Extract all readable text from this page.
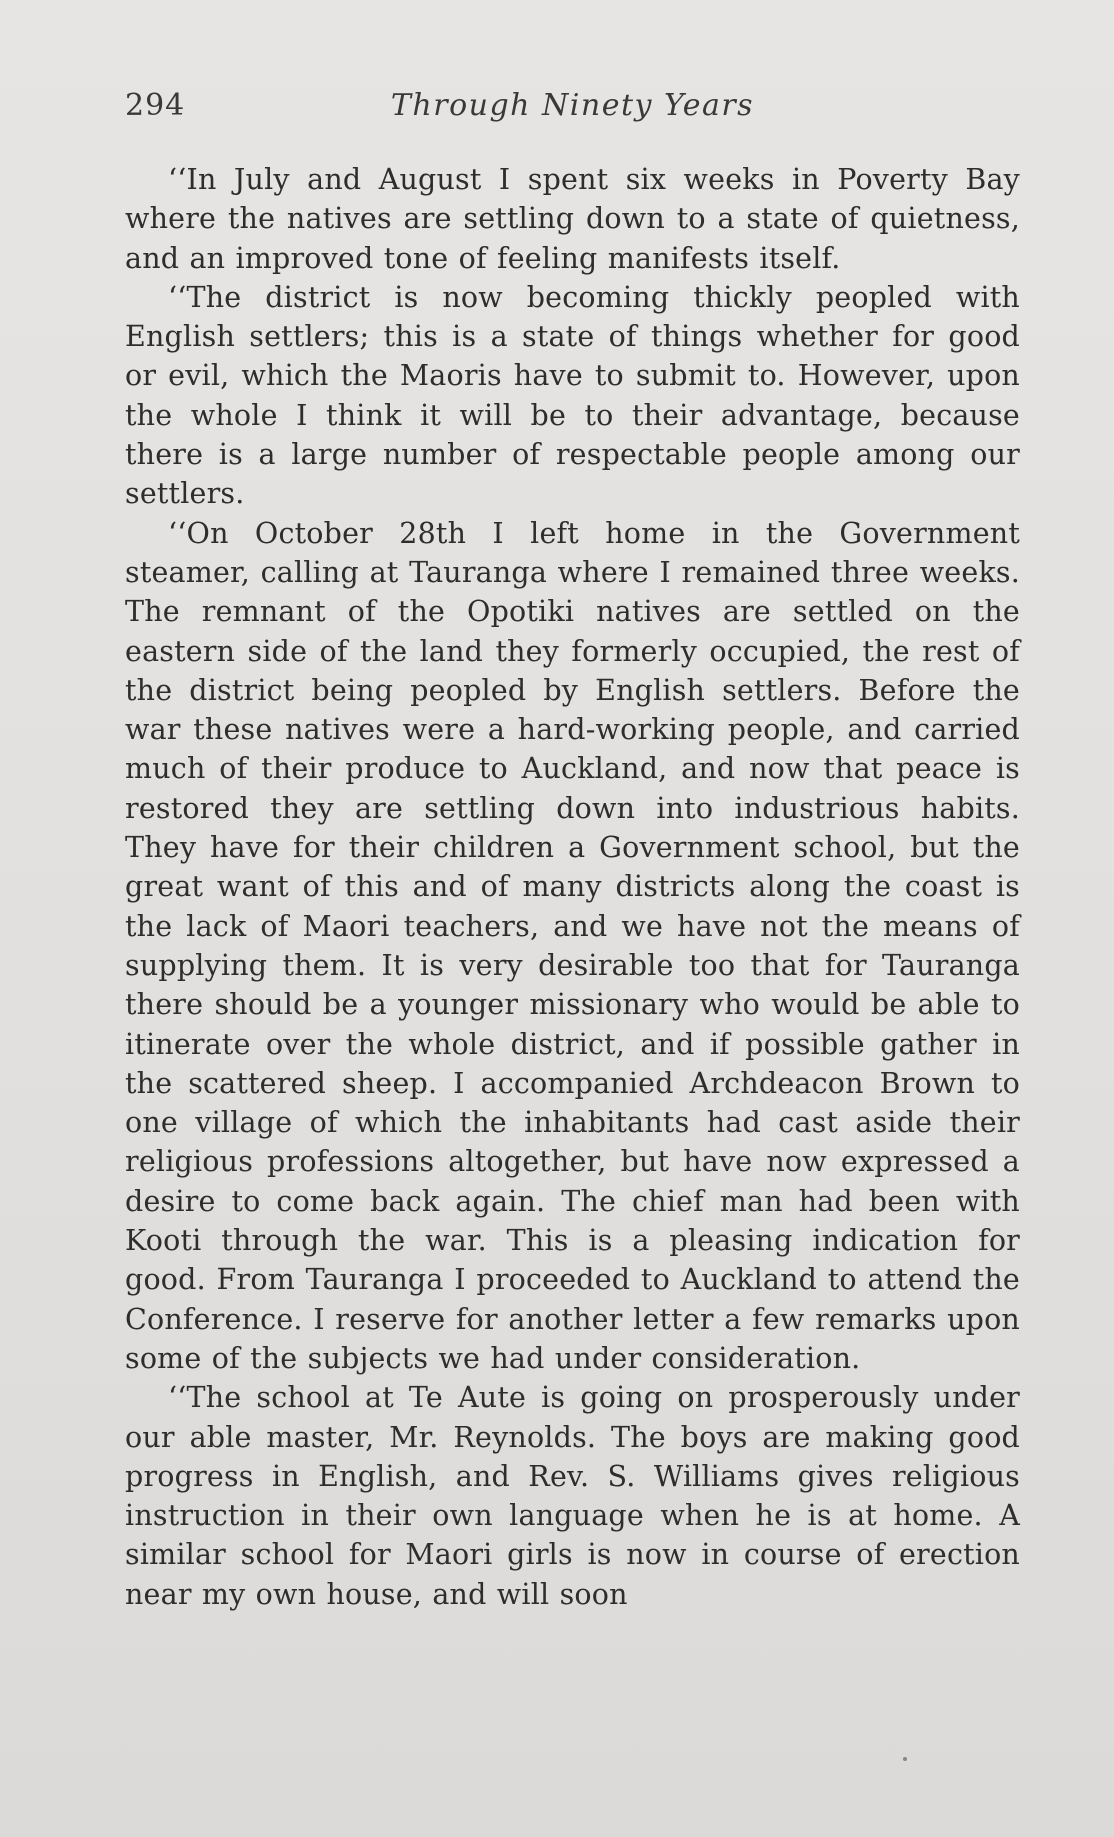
294	Through Ninety Years

‘‘In July and August I spent six weeks in Poverty Bay where the natives are settling down to a state of quietness, and an improved tone of feeling manifests itself.

‘‘The district is now becoming thickly peopled with English settlers; this is a state of things whether for good or evil, which the Maoris have to submit to. However, upon the whole I think it will be to their advantage, because there is a large number of respectable people among our settlers.

‘‘On October 28th I left home in the Government steamer, calling at Tauranga where I remained three weeks. The remnant of the Opotiki natives are settled on the eastern side of the land they formerly occupied, the rest of the district being peopled by English settlers. Before the war these natives were a hard-working people, and carried much of their produce to Auckland, and now that peace is restored they are settling down into industrious habits. They have for their children a Government school, but the great want of this and of many districts along the coast is the lack of Maori teachers, and we have not the means of supplying them. It is very desirable too that for Tauranga there should be a younger missionary who would be able to itinerate over the whole district, and if possible gather in the scattered sheep. I accompanied Archdeacon Brown to one village of which the inhabitants had cast aside their religious professions altogether, but have now expressed a desire to come back again. The chief man had been with Kooti through the war. This is a pleasing indication for good. From Tauranga I proceeded to Auckland to attend the Conference. I reserve for another letter a few remarks upon some of the subjects we had under consideration.

‘‘The school at Te Aute is going on prosperously under our able master, Mr. Reynolds. The boys are making good progress in English, and Rev. S. Williams gives religious instruction in their own language when he is at home. A similar school for Maori girls is now in course of erection near my own house, and will soon
